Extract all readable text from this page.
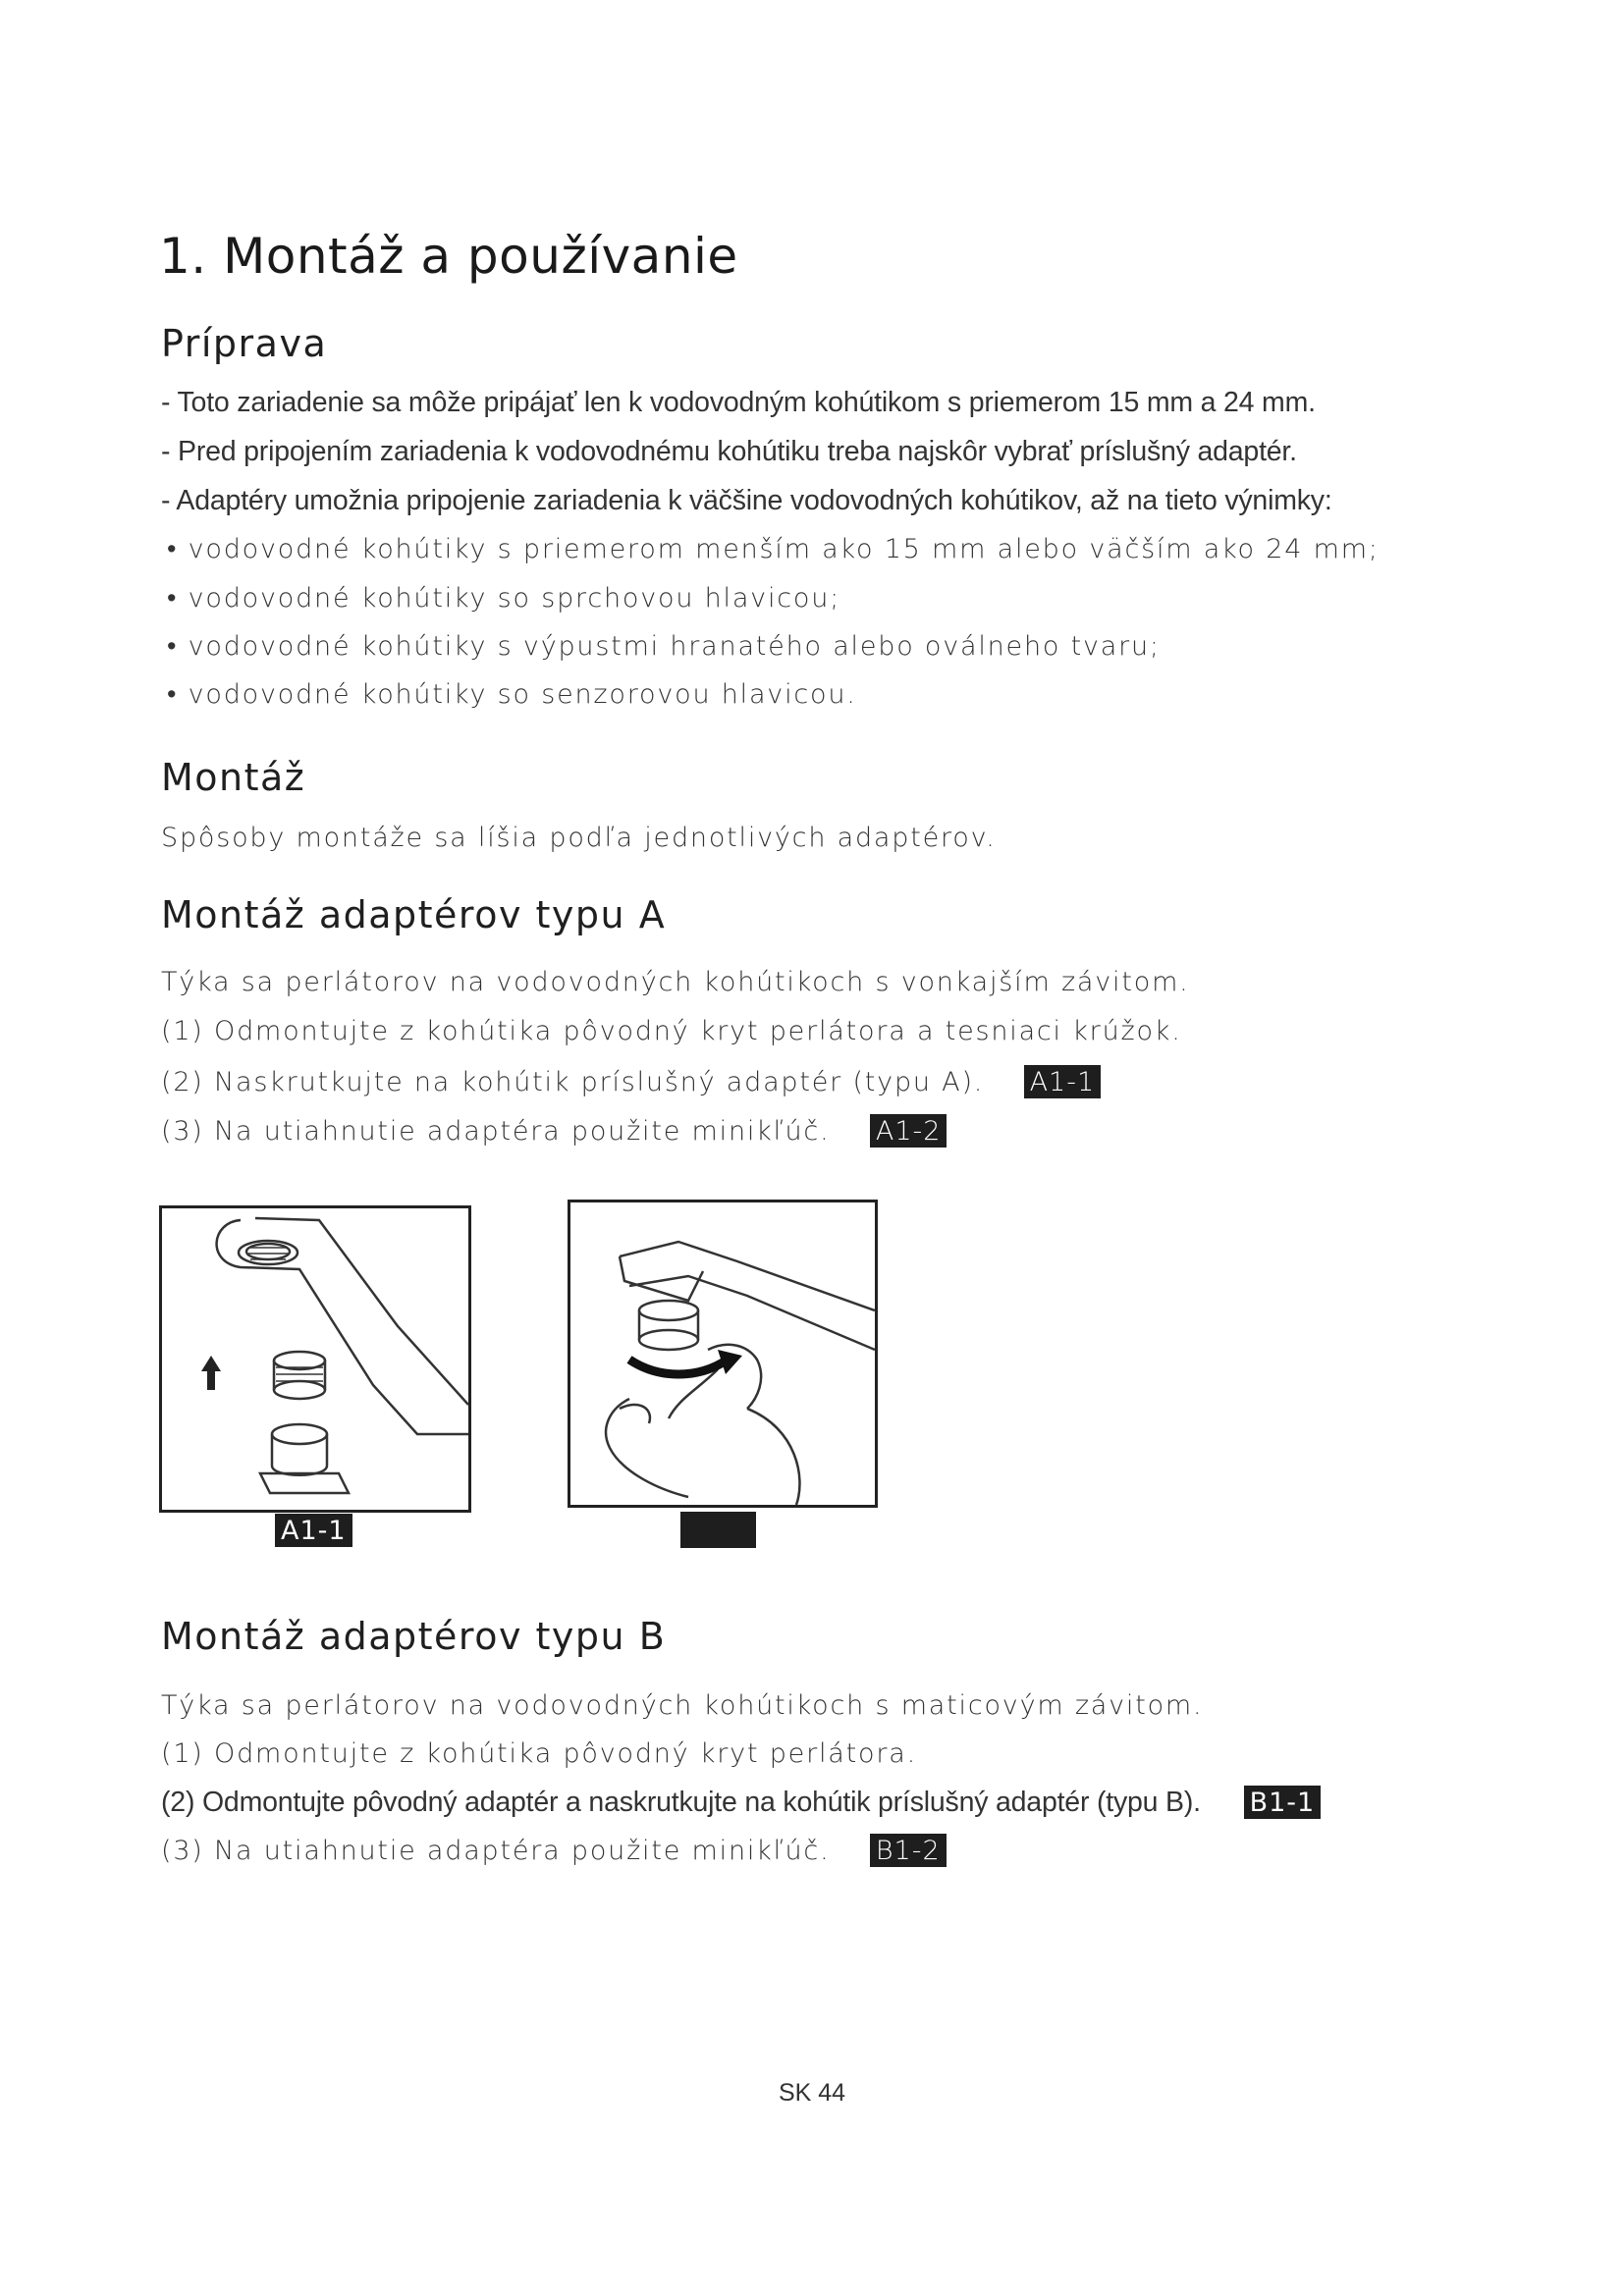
1. Montáž a používanie
Príprava
- Toto zariadenie sa môže pripájať len k vodovodným kohútikom s priemerom 15 mm a 24 mm.
- Pred pripojením zariadenia k vodovodnému kohútiku treba najskôr vybrať príslušný adaptér.
- Adaptéry umožnia pripojenie zariadenia k väčšine vodovodných kohútikov, až na tieto výnimky:
• vodovodné kohútiky s priemerom menším ako 15 mm alebo väčším ako 24 mm;
• vodovodné kohútiky so sprchovou hlavicou;
• vodovodné kohútiky s výpustmi hranatého alebo oválneho tvaru;
• vodovodné kohútiky so senzorovou hlavicou.
Montáž
Spôsoby montáže sa líšia podľa jednotlivých adaptérov.
Montáž adaptérov typu A
Týka sa perlátorov na vodovodných kohútikoch s vonkajším závitom.
(1) Odmontujte z kohútika pôvodný kryt perlátora a tesniaci krúžok.
(2) Naskrutkujte na kohútik príslušný adaptér (typu A). A1-1
(3) Na utiahnutie adaptéra použite minikľúč. A1-2
A1-1
Montáž adaptérov typu B
Týka sa perlátorov na vodovodných kohútikoch s maticovým závitom.
(1) Odmontujte z kohútika pôvodný kryt perlátora.
(2) Odmontujte pôvodný adaptér a naskrutkujte na kohútik príslušný adaptér (typu B). B1-1
(3) Na utiahnutie adaptéra použite minikľúč. B1-2
SK 44
